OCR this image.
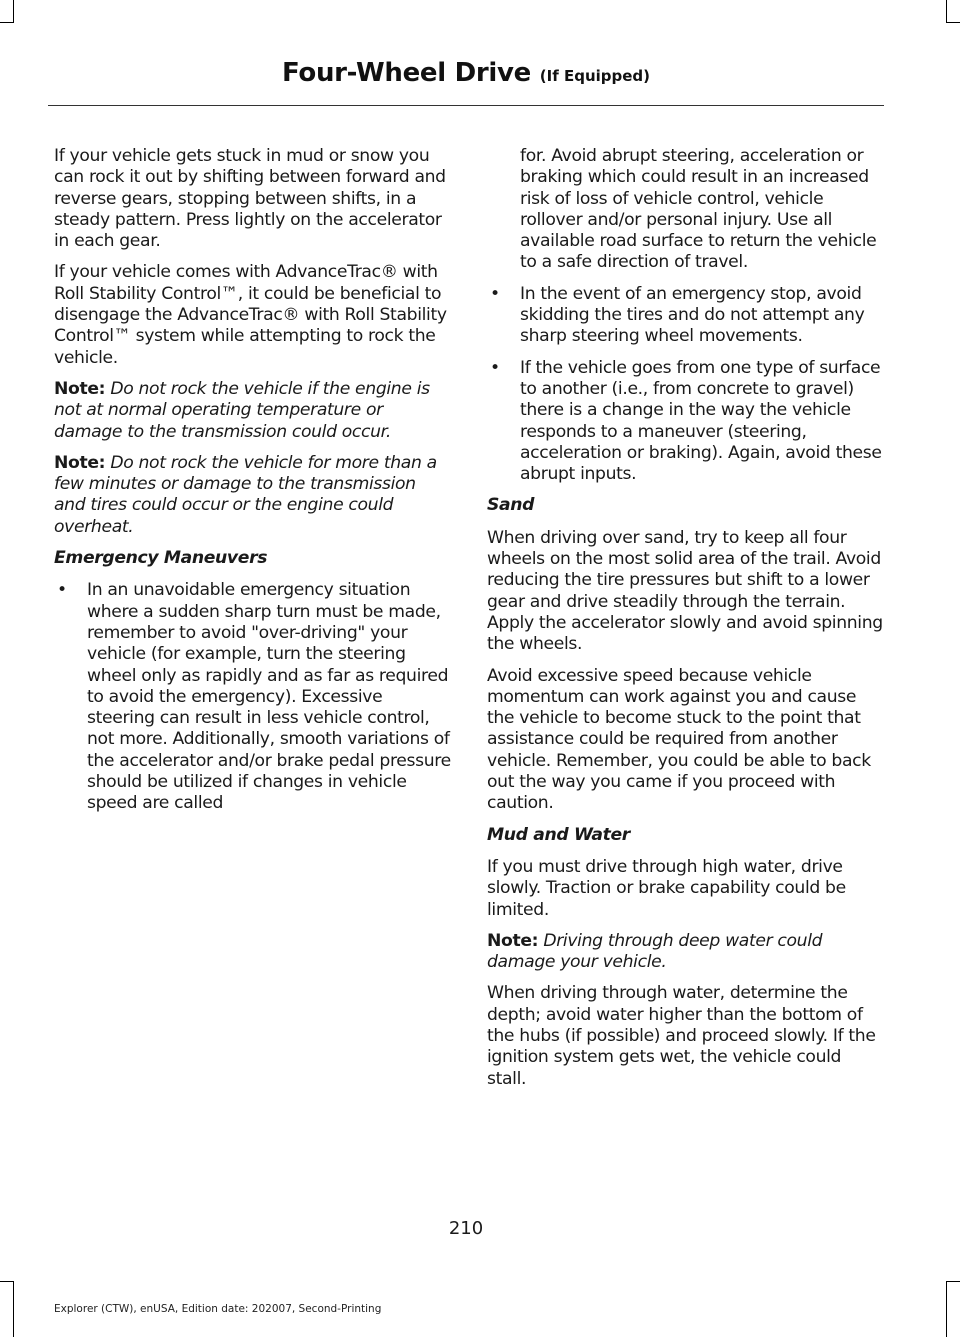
Four-Wheel Drive (If Equipped)

If your vehicle gets stuck in mud or snow you can rock it out by shifting between forward and reverse gears, stopping between shifts, in a steady pattern. Press lightly on the accelerator in each gear.

If your vehicle comes with AdvanceTrac® with Roll Stability Control™, it could be beneficial to disengage the AdvanceTrac® with Roll Stability Control™ system while attempting to rock the vehicle.

Note: Do not rock the vehicle if the engine is not at normal operating temperature or damage to the transmission could occur.

Note: Do not rock the vehicle for more than a few minutes or damage to the transmission and tires could occur or the engine could overheat.

Emergency Maneuvers

• In an unavoidable emergency situation where a sudden sharp turn must be made, remember to avoid "over-driving" your vehicle (for example, turn the steering wheel only as rapidly and as far as required to avoid the emergency). Excessive steering can result in less vehicle control, not more. Additionally, smooth variations of the accelerator and/or brake pedal pressure should be utilized if changes in vehicle speed are called

for. Avoid abrupt steering, acceleration or braking which could result in an increased risk of loss of vehicle control, vehicle rollover and/or personal injury. Use all available road surface to return the vehicle to a safe direction of travel.

• In the event of an emergency stop, avoid skidding the tires and do not attempt any sharp steering wheel movements.
• If the vehicle goes from one type of surface to another (i.e., from concrete to gravel) there is a change in the way the vehicle responds to a maneuver (steering, acceleration or braking). Again, avoid these abrupt inputs.

Sand

When driving over sand, try to keep all four wheels on the most solid area of the trail. Avoid reducing the tire pressures but shift to a lower gear and drive steadily through the terrain. Apply the accelerator slowly and avoid spinning the wheels.

Avoid excessive speed because vehicle momentum can work against you and cause the vehicle to become stuck to the point that assistance could be required from another vehicle. Remember, you could be able to back out the way you came if you proceed with caution.

Mud and Water

If you must drive through high water, drive slowly. Traction or brake capability could be limited.

Note: Driving through deep water could damage your vehicle.

When driving through water, determine the depth; avoid water higher than the bottom of the hubs (if possible) and proceed slowly. If the ignition system gets wet, the vehicle could stall.

210
Explorer (CTW), enUSA, Edition date: 202007, Second-Printing
